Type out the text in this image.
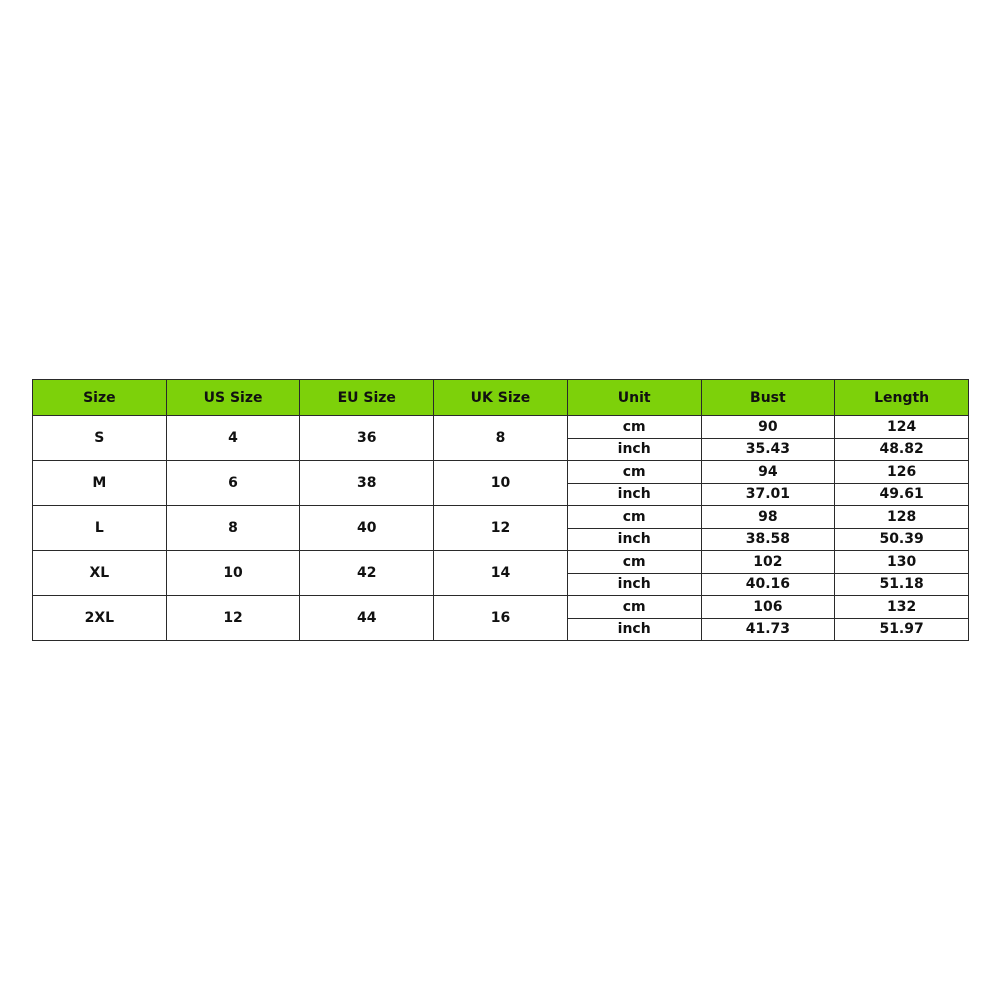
Size	US Size	EU Size	UK Size	Unit	Bust	Length
S	4	36	8	cm	90	124
				inch	35.43	48.82
M	6	38	10	cm	94	126
				inch	37.01	49.61
L	8	40	12	cm	98	128
				inch	38.58	50.39
XL	10	42	14	cm	102	130
				inch	40.16	51.18
2XL	12	44	16	cm	106	132
				inch	41.73	51.97
